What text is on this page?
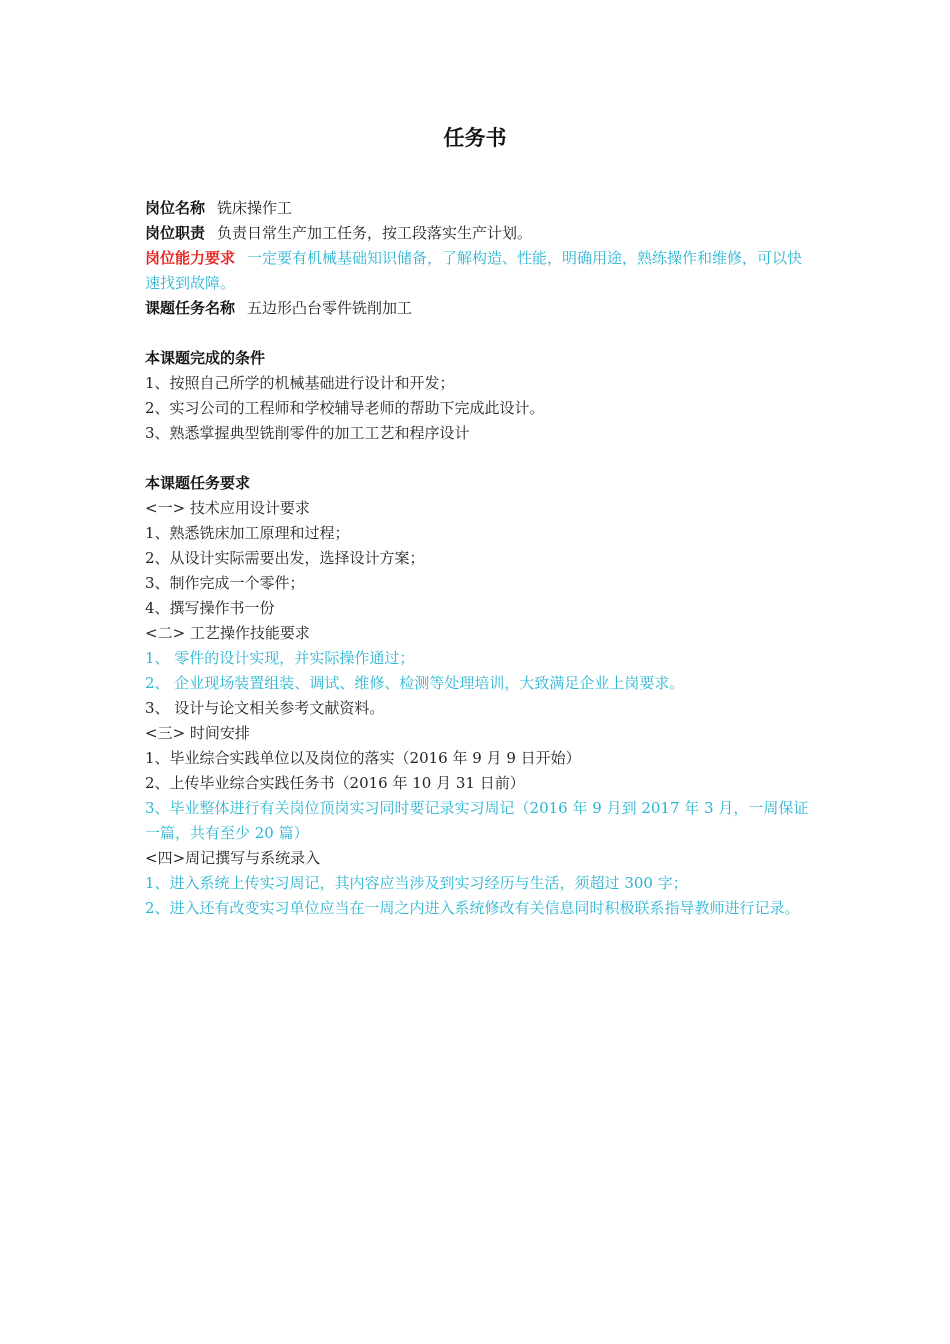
任务书
岗位名称 铣床操作工
岗位职责 负责日常生产加工任务，按工段落实生产计划。
岗位能力要求 一定要有机械基础知识储备，了解构造、性能，明确用途，熟练操作和维修，可以快速找到故障。
课题任务名称 五边形凸台零件铣削加工
本课题完成的条件
1、按照自己所学的机械基础进行设计和开发；
2、实习公司的工程师和学校辅导老师的帮助下完成此设计。
3、熟悉掌握典型铣削零件的加工工艺和程序设计
本课题任务要求
<一> 技术应用设计要求
1、熟悉铣床加工原理和过程；
2、从设计实际需要出发，选择设计方案；
3、制作完成一个零件；
4、撰写操作书一份
<二> 工艺操作技能要求
1、 零件的设计实现，并实际操作通过；
2、 企业现场装置组装、调试、维修、检测等处理培训，大致满足企业上岗要求。
3、 设计与论文相关参考文献资料。
<三> 时间安排
1、毕业综合实践单位以及岗位的落实（2016 年 9 月 9 日开始）
2、上传毕业综合实践任务书（2016 年 10 月 31 日前）
3、毕业整体进行有关岗位顶岗实习同时要记录实习周记（2016 年 9 月到 2017 年 3 月，一周保证一篇，共有至少 20 篇）
<四>周记撰写与系统录入
1、进入系统上传实习周记，其内容应当涉及到实习经历与生活，须超过 300 字；
2、进入还有改变实习单位应当在一周之内进入系统修改有关信息同时积极联系指导教师进行记录。
